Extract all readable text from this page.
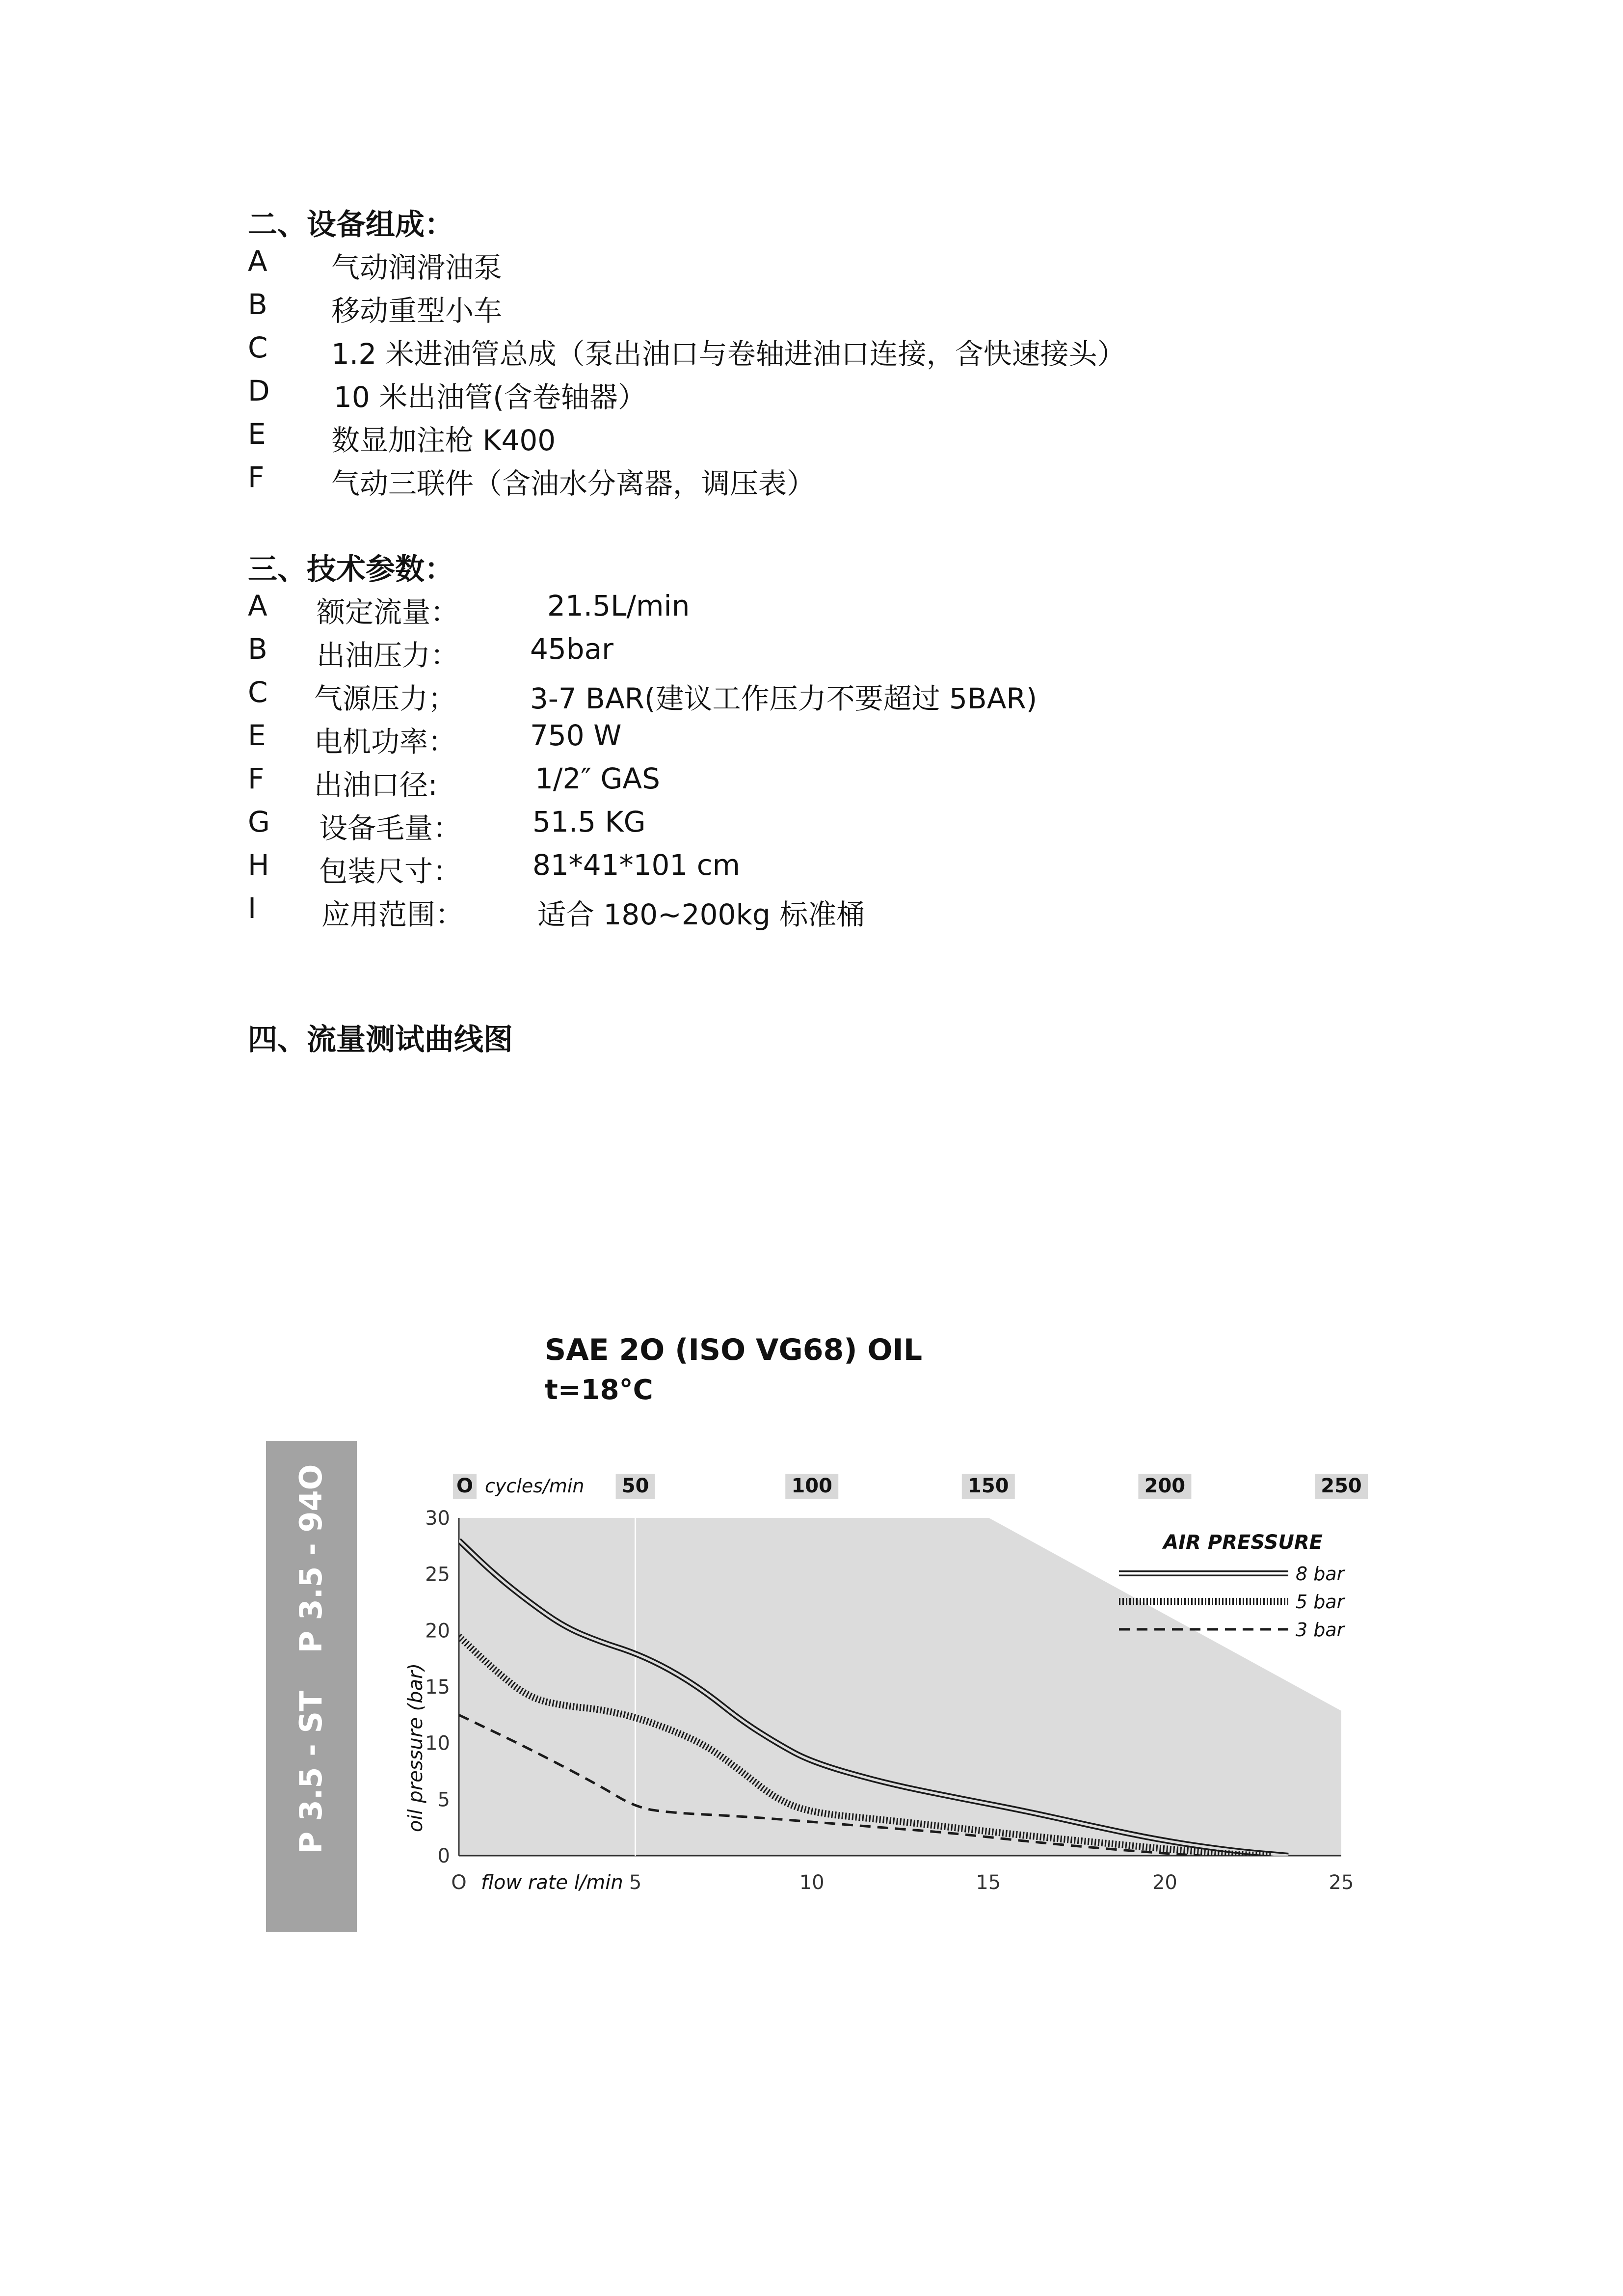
二、设备组成：
A 气动润滑油泵
B 移动重型小车
C 1.2 米进油管总成（泵出油口与卷轴进油口连接，含快速接头）
D 10 米出油管(含卷轴器）
E 数显加注枪 K400
F 气动三联件（含油水分离器，调压表）
三、技术参数：
A 额定流量：	21.5L/min
B 出油压力： 45bar
C 气源压力；	3-7 BAR(建议工作压力不要超过 5BAR)
E 电机功率：	750 W
F 出油口径:	1/2″ GAS
G 设备毛量： 51.5 KG
H 包装尺寸： 81*41*101 cm
I 应用范围：	适合 180~200kg 标准桶
四、流量测试曲线图
P 3.5 - ST
P 3.5 - 94O
SAE 2O (ISO VG68) OIL
t=18°C
O	50	100	150	200	250
cycles/min
0
5
10
15
20
25
30
O	5	10	15	20	25
flow rate l/min
oil pressure (bar)
AIR PRESSURE
8 bar
5 bar
3 bar
